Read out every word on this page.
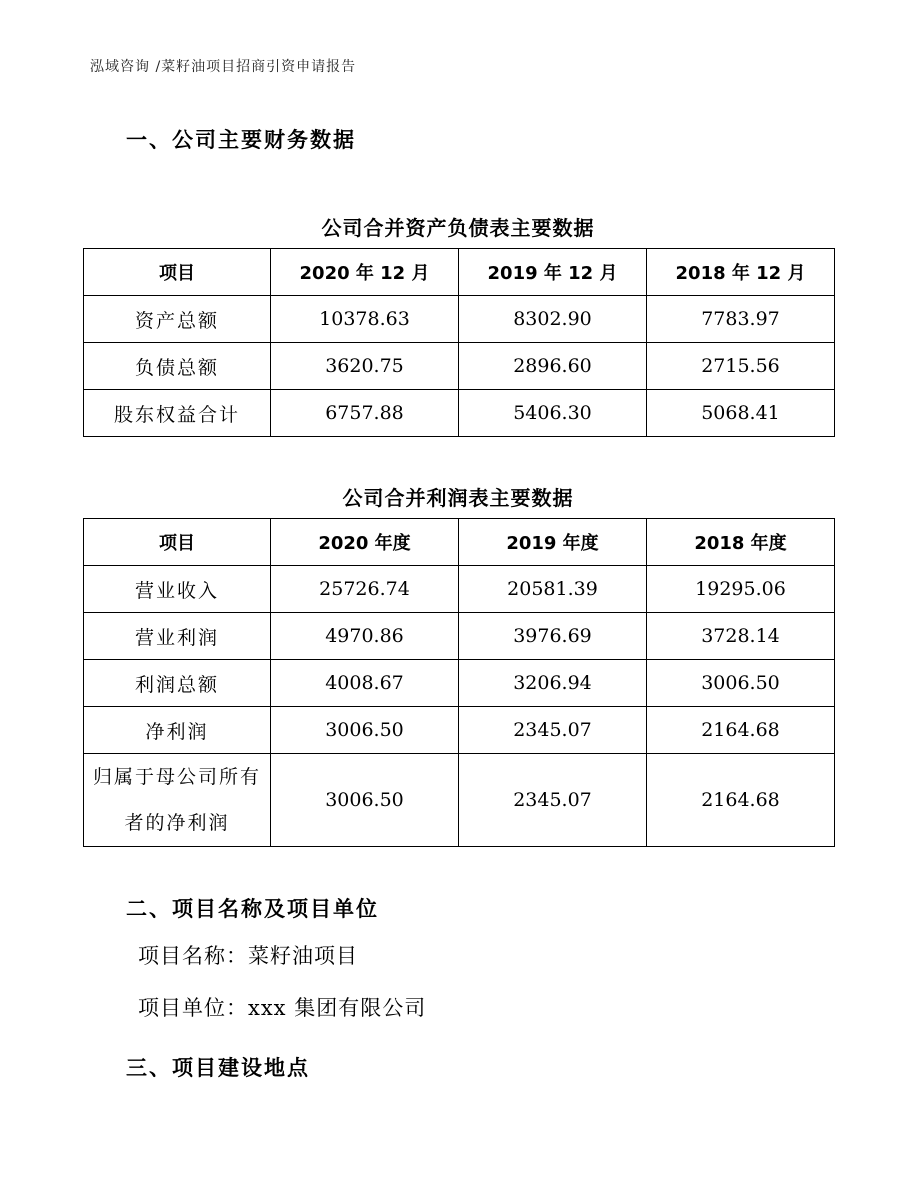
泓域咨询 /菜籽油项目招商引资申请报告
一、公司主要财务数据
公司合并资产负债表主要数据
项目	2020 年 12 月	2019 年 12 月	2018 年 12 月
资产总额	10378.63	8302.90	7783.97
负债总额	3620.75	2896.60	2715.56
股东权益合计	6757.88	5406.30	5068.41
公司合并利润表主要数据
项目	2020 年度	2019 年度	2018 年度
营业收入	25726.74	20581.39	19295.06
营业利润	4970.86	3976.69	3728.14
利润总额	4008.67	3206.94	3006.50
净利润	3006.50	2345.07	2164.68
归属于母公司所有者的净利润	3006.50	2345.07	2164.68
二、项目名称及项目单位
项目名称：菜籽油项目
项目单位：xxx 集团有限公司
三、项目建设地点
